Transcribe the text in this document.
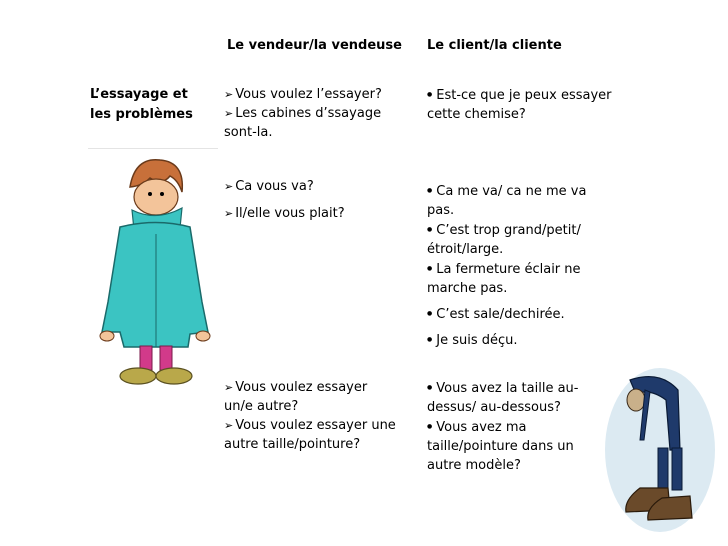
Le vendeur/la vendeuse Le client/la cliente
L’essayage et
les problèmes
➢ Vous voulez l’essayer?
➢ Les cabines d’ssayage sont-la.
● Est-ce que je peux essayer cette chemise?
➢ Ca vous va?
➢ Il/elle vous plait?
● Ca me va/ ca ne me va pas.
● C’est trop grand/petit/étroit/large.
● La fermeture éclair ne marche pas.
● C’est sale/dechirée.
● Je suis déçu.
➢ Vous voulez essayer un/e autre?
➢ Vous voulez essayer une autre taille/pointure?
● Vous avez la taille au-dessus/ au-dessous?
● Vous avez ma taille/pointure dans un autre modèle?
